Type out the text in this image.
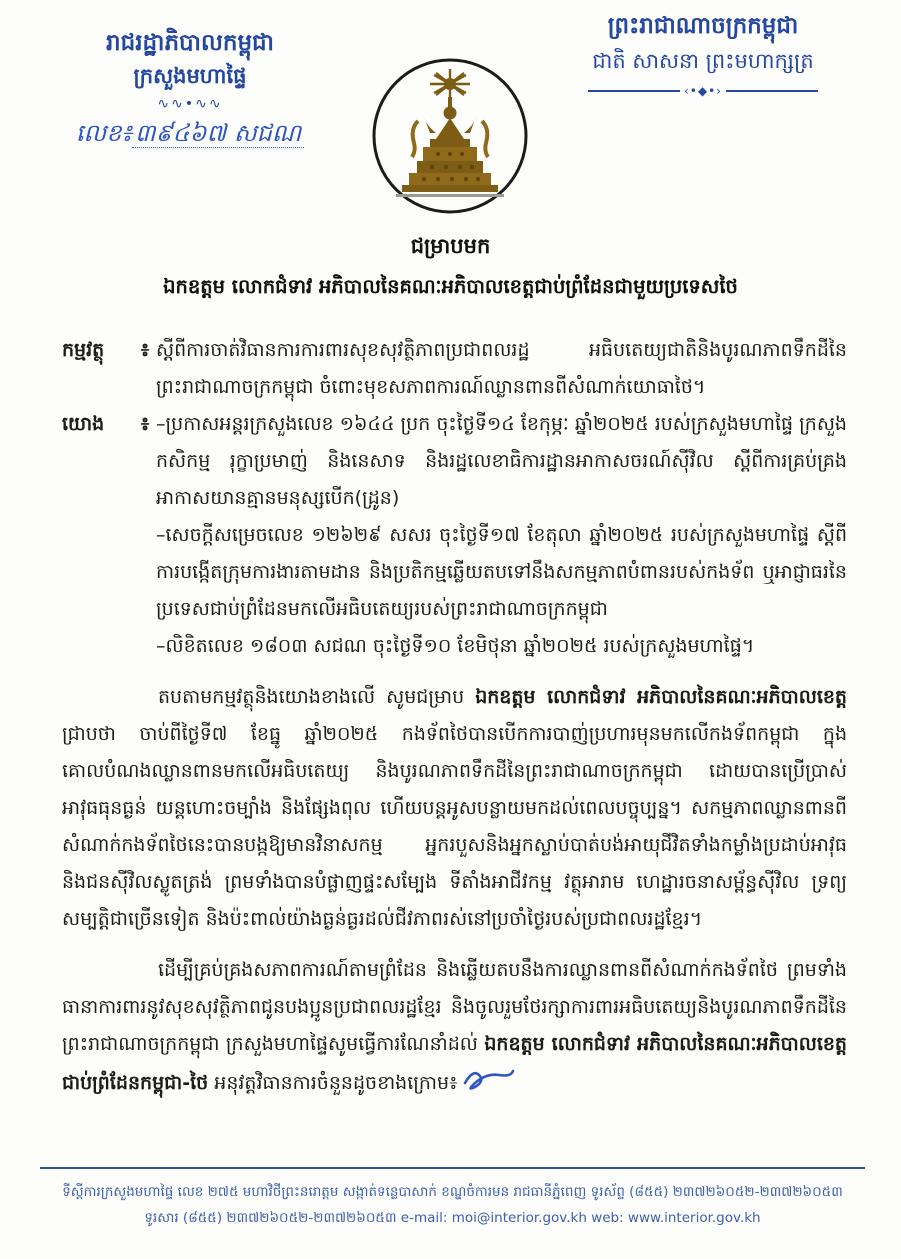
រាជរដ្ឋាភិបាលកម្ពុជា
ក្រសួងមហាផ្ទៃ
∿∿•∿∿
លេខ៖ ៣៩៤៦៧ សជណ
ព្រះរាជាណាចក្រកម្ពុជា
ជាតិ សាសនា ព្រះមហាក្សត្រ
‹•◆•›
ជម្រាបមក
ឯកឧត្តម លោកជំទាវ អភិបាលនៃគណៈអភិបាលខេត្តជាប់ព្រំដែនជាមួយប្រទេសថៃ
កម្មវត្ថុ	៖ ស្តីពីការចាត់វិធានការការពារសុខសុវត្ថិភាពប្រជាពលរដ្ឋ អធិបតេយ្យជាតិនិងបូរណភាពទឹកដីនៃព្រះរាជាណាចក្រកម្ពុជា ចំពោះមុខសភាពការណ៍ឈ្លានពានពីសំណាក់យោធាថៃ។
យោង	៖ –ប្រកាសអន្តរក្រសួងលេខ ១៦៤៤ ប្រក ចុះថ្ងៃទី១៤ ខែកុម្ភៈ ឆ្នាំ២០២៥ របស់ក្រសួងមហាផ្ទៃ ក្រសួងកសិកម្ម រុក្ខាប្រមាញ់ និងនេសាទ និងរដ្ឋលេខាធិការដ្ឋានអាកាសចរណ៍ស៊ីវិល ស្តីពីការគ្រប់គ្រងអាកាសយានគ្មានមនុស្សបើក(ដ្រូន)
–សេចក្តីសម្រេចលេខ ១២៦២៩ សសរ ចុះថ្ងៃទី១៧ ខែតុលា ឆ្នាំ២០២៥ របស់ក្រសួងមហាផ្ទៃ ស្តីពីការបង្កើតក្រុមការងារតាមដាន និងប្រតិកម្មឆ្លើយតបទៅនឹងសកម្មភាពបំពានរបស់កងទ័ព ឬអាជ្ញាធរនៃប្រទេសជាប់ព្រំដែនមកលើអធិបតេយ្យរបស់ព្រះរាជាណាចក្រកម្ពុជា
–លិខិតលេខ ១៨០៣ សជណ ចុះថ្ងៃទី១០ ខែមិថុនា ឆ្នាំ២០២៥ របស់ក្រសួងមហាផ្ទៃ។
តបតាមកម្មវត្ថុនិងយោងខាងលើ សូមជម្រាប ឯកឧត្តម លោកជំទាវ អភិបាលនៃគណៈអភិបាលខេត្ត ជ្រាបថា ចាប់ពីថ្ងៃទី៧ ខែធ្នូ ឆ្នាំ២០២៥ កងទ័ពថៃបានបើកការបាញ់ប្រហារមុនមកលើកងទ័ពកម្ពុជា ក្នុងគោលបំណងឈ្លានពានមកលើអធិបតេយ្យ និងបូរណភាពទឹកដីនៃព្រះរាជាណាចក្រកម្ពុជា ដោយបានប្រើប្រាស់អាវុធធុនធ្ងន់ យន្តហោះចម្បាំង និងផ្សែងពុល ហើយបន្តអូសបន្លាយមកដល់ពេលបច្ចុប្បន្ន។ សកម្មភាពឈ្លានពានពីសំណាក់កងទ័ពថៃនេះបានបង្កឱ្យមានវិនាសកម្ម អ្នករបួសនិងអ្នកស្លាប់បាត់បង់អាយុជីវិតទាំងកម្លាំងប្រដាប់អាវុធ និងជនស៊ីវិលស្លូតត្រង់ ព្រមទាំងបានបំផ្លាញផ្ទះសម្បែង ទីតាំងអាជីវកម្ម វត្ថុអារាម ហេដ្ឋារចនាសម្ព័ន្ធស៊ីវិល ទ្រព្យសម្បត្តិជាច្រើនទៀត និងប៉ះពាល់យ៉ាងធ្ងន់ធ្ងរដល់ជីវភាពរស់នៅប្រចាំថ្ងៃរបស់ប្រជាពលរដ្ឋខ្មែរ។
ដើម្បីគ្រប់គ្រងសភាពការណ៍តាមព្រំដែន និងឆ្លើយតបនឹងការឈ្លានពានពីសំណាក់កងទ័ពថៃ ព្រមទាំងធានាការពារនូវសុខសុវត្ថិភាពជូនបងប្អូនប្រជាពលរដ្ឋខ្មែរ និងចូលរួមថែរក្សាការពារអធិបតេយ្យនិងបូរណភាពទឹកដីនៃព្រះរាជាណាចក្រកម្ពុជា ក្រសួងមហាផ្ទៃសូមធ្វើការណែនាំដល់ ឯកឧត្តម លោកជំទាវ អភិបាលនៃគណៈអភិបាលខេត្តជាប់ព្រំដែនកម្ពុជា-ថៃ អនុវត្តវិធានការចំនួនដូចខាងក្រោម៖
ទីស្តីការក្រសួងមហាផ្ទៃ លេខ ២៧៥ មហាវិថីព្រះនរោត្តម សង្កាត់ទន្លេបាសាក់ ខណ្ឌចំការមន រាជធានីភ្នំពេញ ទូរស័ព្ទ (៨៥៥) ២៣៧២៦០៥២-២៣៧២៦០៥៣
ទូរសារ (៨៥៥) ២៣៧២៦០៥២-២៣៧២៦០៥៣ e-mail: moi@interior.gov.kh web: www.interior.gov.kh
